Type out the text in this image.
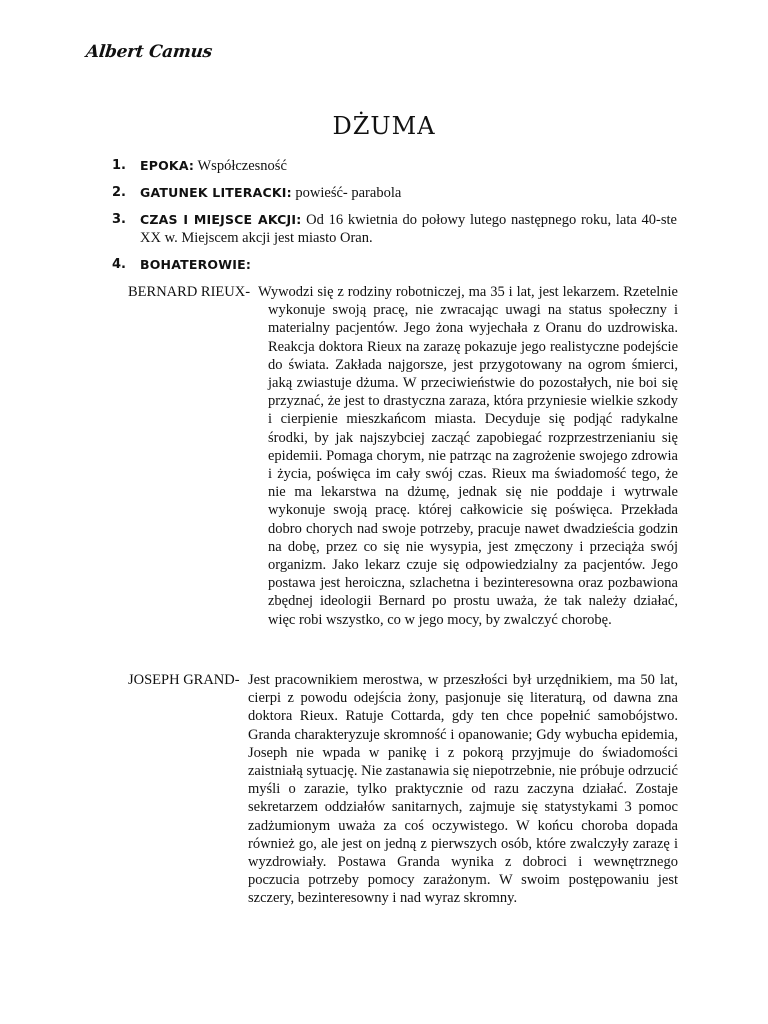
Albert Camus
DŻUMA
1. EPOKA: Współczesność
2. GATUNEK LITERACKI: powieść- parabola
3. CZAS I MIEJSCE AKCJI: Od 16 kwietnia do połowy lutego następnego roku, lata 40-ste XX w. Miejscem akcji jest miasto Oran.
4. BOHATEROWIE:
BERNARD RIEUX- Wywodzi się z rodziny robotniczej, ma 35 i lat, jest lekarzem. Rzetelnie wykonuje swoją pracę, nie zwracając uwagi na status społeczny i materialny pacjentów. Jego żona wyjechała z Oranu do uzdrowiska. Reakcja doktora Rieux na zarazę pokazuje jego realistyczne podejście do świata. Zakłada najgorsze, jest przygotowany na ogrom śmierci, jaką zwiastuje dżuma. W przeciwieństwie do pozostałych, nie boi się przyznać, że jest to drastyczna zaraza, która przyniesie wielkie szkody i cierpienie mieszkańcom miasta. Decyduje się podjąć radykalne środki, by jak najszybciej zacząć zapobiegać rozprzestrzenianiu się epidemii. Pomaga chorym, nie patrząc na zagrożenie swojego zdrowia i życia, poświęca im cały swój czas. Rieux ma świadomość tego, że nie ma lekarstwa na dżumę, jednak się nie poddaje i wytrwale wykonuje swoją pracę. której całkowicie się poświęca. Przekłada dobro chorych nad swoje potrzeby, pracuje nawet dwadzieścia godzin na dobę, przez co się nie wysypia, jest zmęczony i przeciąża swój organizm. Jako lekarz czuje się odpowiedzialny za pacjentów. Jego postawa jest heroiczna, szlachetna i bezinteresowna oraz pozbawiona zbędnej ideologii Bernard po prostu uważa, że tak należy działać, więc robi wszystko, co w jego mocy, by zwalczyć chorobę.

JOSEPH GRAND- Jest pracownikiem merostwa, w przeszłości był urzędnikiem, ma 50 lat, cierpi z powodu odejścia żony, pasjonuje się literaturą, od dawna zna doktora Rieux. Ratuje Cottarda, gdy ten chce popełnić samobójstwo. Granda charakteryzuje skromność i opanowanie; Gdy wybucha epidemia, Joseph nie wpada w panikę i z pokorą przyjmuje do świadomości zaistniałą sytuację. Nie zastanawia się niepotrzebnie, nie próbuje odrzucić myśli o zarazie, tylko praktycznie od razu zaczyna działać. Zostaje sekretarzem oddziałów sanitarnych, zajmuje się statystykami 3 pomoc zadżumionym uważa za coś oczywistego. W końcu choroba dopada również go, ale jest on jedną z pierwszych osób, które zwalczyły zarazę i wyzdrowiały. Postawa Granda wynika z dobroci i wewnętrznego poczucia potrzeby pomocy zarażonym. W swoim postępowaniu jest szczery, bezinteresowny i nad wyraz skromny.
